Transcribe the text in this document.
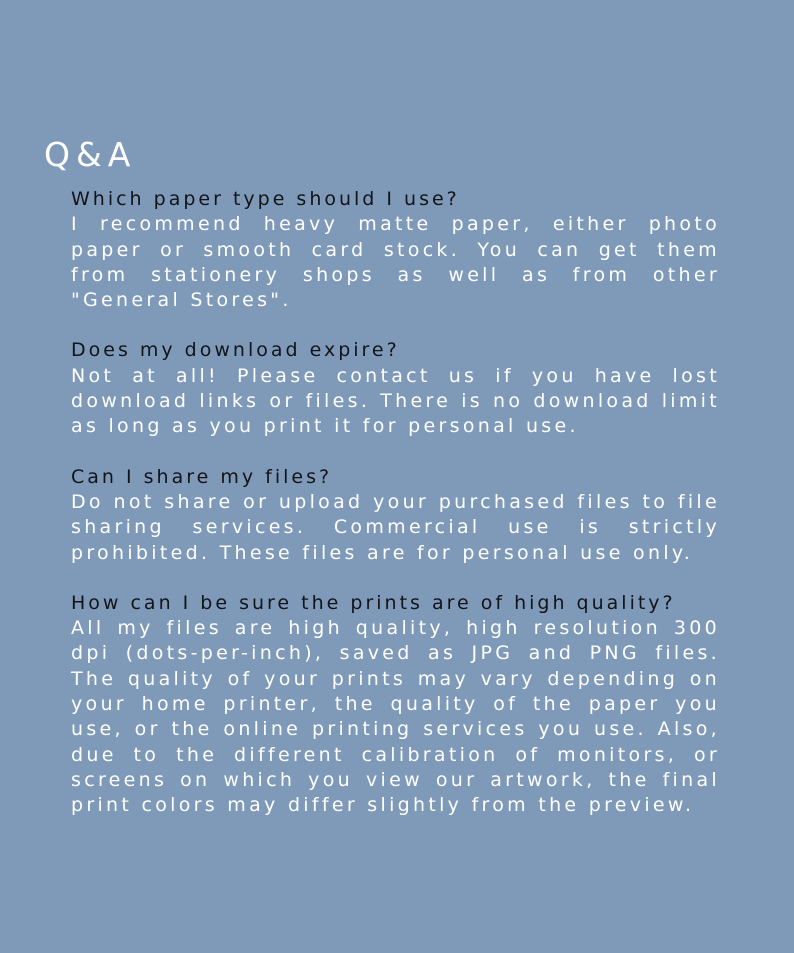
Q&A

Which paper type should I use?

I recommend heavy matte paper, either photo paper or smooth card stock. You can get them from stationery shops as well as from other "General Stores".

Does my download expire?

Not at all! Please contact us if you have lost download links or files. There is no download limit as long as you print it for personal use.

Can I share my files?

Do not share or upload your purchased files to file sharing services. Commercial use is strictly prohibited. These files are for personal use only.

How can I be sure the prints are of high quality?

All my files are high quality, high resolution 300 dpi (dots-per-inch), saved as JPG and PNG files. The quality of your prints may vary depending on your home printer, the quality of the paper you use, or the online printing services you use. Also, due to the different calibration of monitors, or screens on which you view our artwork, the final print colors may differ slightly from the preview.
